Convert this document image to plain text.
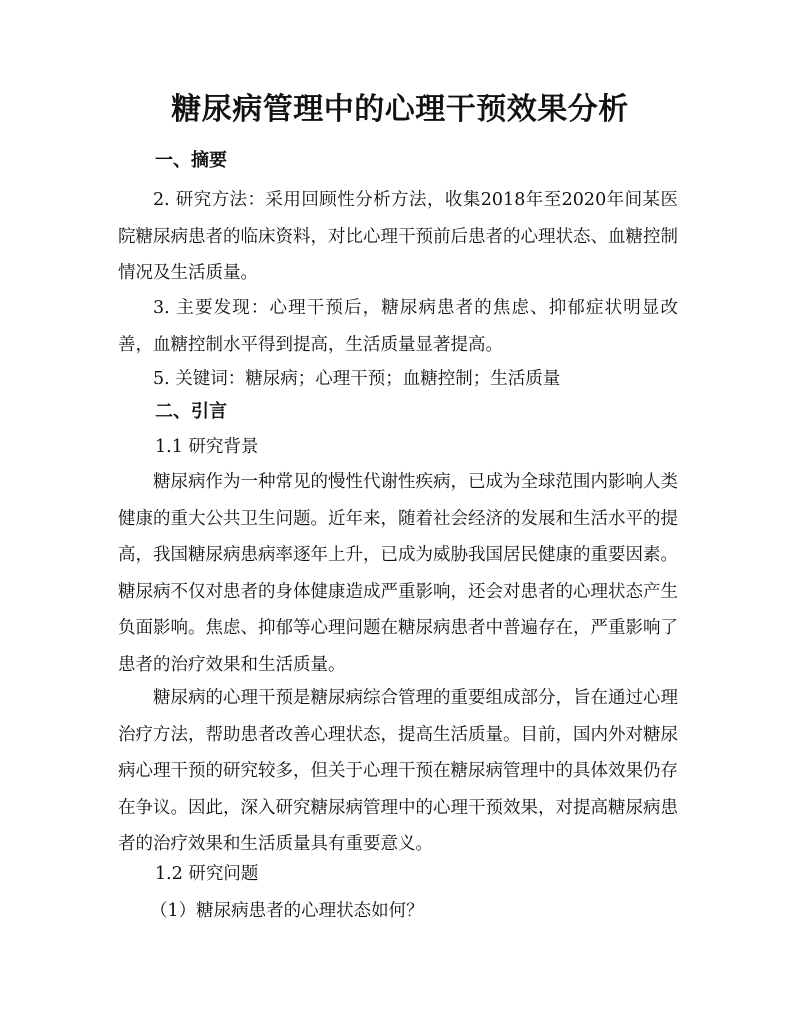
糖尿病管理中的心理干预效果分析
一、摘要

2. 研究方法：采用回顾性分析方法，收集2018年至2020年间某医院糖尿病患者的临床资料，对比心理干预前后患者的心理状态、血糖控制情况及生活质量。

3. 主要发现：心理干预后，糖尿病患者的焦虑、抑郁症状明显改善，血糖控制水平得到提高，生活质量显著提高。

5. 关键词：糖尿病；心理干预；血糖控制；生活质量

二、引言

1.1 研究背景

糖尿病作为一种常见的慢性代谢性疾病，已成为全球范围内影响人类健康的重大公共卫生问题。近年来，随着社会经济的发展和生活水平的提高，我国糖尿病患病率逐年上升，已成为威胁我国居民健康的重要因素。糖尿病不仅对患者的身体健康造成严重影响，还会对患者的心理状态产生负面影响。焦虑、抑郁等心理问题在糖尿病患者中普遍存在，严重影响了患者的治疗效果和生活质量。

糖尿病的心理干预是糖尿病综合管理的重要组成部分，旨在通过心理治疗方法，帮助患者改善心理状态，提高生活质量。目前，国内外对糖尿病心理干预的研究较多，但关于心理干预在糖尿病管理中的具体效果仍存在争议。因此，深入研究糖尿病管理中的心理干预效果，对提高糖尿病患者的治疗效果和生活质量具有重要意义。

1.2 研究问题

（1）糖尿病患者的心理状态如何？
